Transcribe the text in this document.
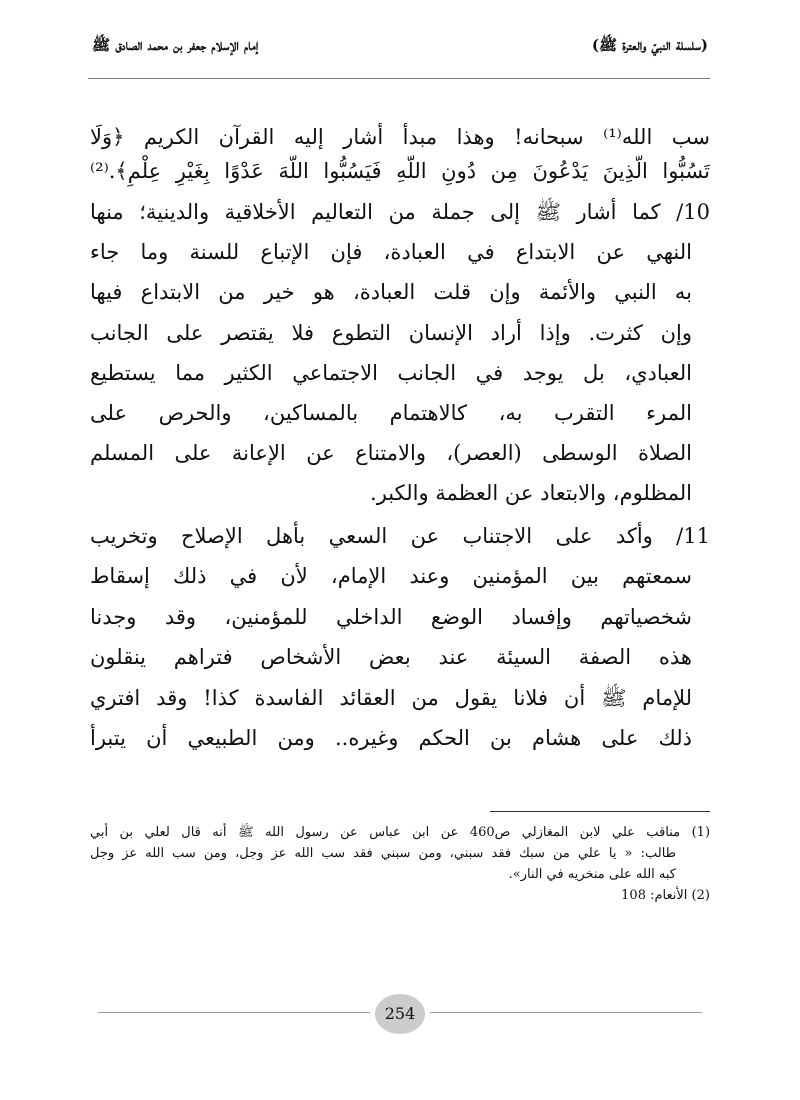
(سلسلة النبيّ والعترة ﷺ)
إمام الإسلام جعفر بن محمد الصادق ﷺ
سب الله⁽¹⁾ سبحانه! وهذا مبدأ أشار إليه القرآن الكريم ﴿وَلَا
تَسُبُّوا الَّذِينَ يَدْعُونَ مِن دُونِ اللَّهِ فَيَسُبُّوا اللَّهَ عَدْوًا بِغَيْرِ عِلْمٍ﴾.⁽²⁾
10/ كما أشار ﷺ إلى جملة من التعاليم الأخلاقية والدينية؛ منها
النهي عن الابتداع في العبادة، فإن الإتباع للسنة وما جاء
به النبي والأئمة وإن قلت العبادة، هو خير من الابتداع فيها
وإن كثرت. وإذا أراد الإنسان التطوع فلا يقتصر على الجانب
العبادي، بل يوجد في الجانب الاجتماعي الكثير مما يستطيع
المرء التقرب به، كالاهتمام بالمساكين، والحرص على
الصلاة الوسطى (العصر)، والامتناع عن الإعانة على المسلم
المظلوم، والابتعاد عن العظمة والكبر.
11/ وأكد على الاجتناب عن السعي بأهل الإصلاح وتخريب
سمعتهم بين المؤمنين وعند الإمام، لأن في ذلك إسقاط
شخصياتهم وإفساد الوضع الداخلي للمؤمنين، وقد وجدنا
هذه الصفة السيئة عند بعض الأشخاص فتراهم ينقلون
للإمام ﷺ أن فلانا يقول من العقائد الفاسدة كذا! وقد افتري
ذلك على هشام بن الحكم وغيره.. ومن الطبيعي أن يتبرأ
(1) مناقب علي لابن المغازلي ص460 عن ابن عباس عن رسول الله ﷺ أنه قال لعلي بن أبي
طالب: « يا علي من سبك فقد سبني، ومن سبني فقد سب الله عز وجل، ومن سب الله عز وجل
كبه الله على منخريه في النار».
(2) الأنعام: 108
254
